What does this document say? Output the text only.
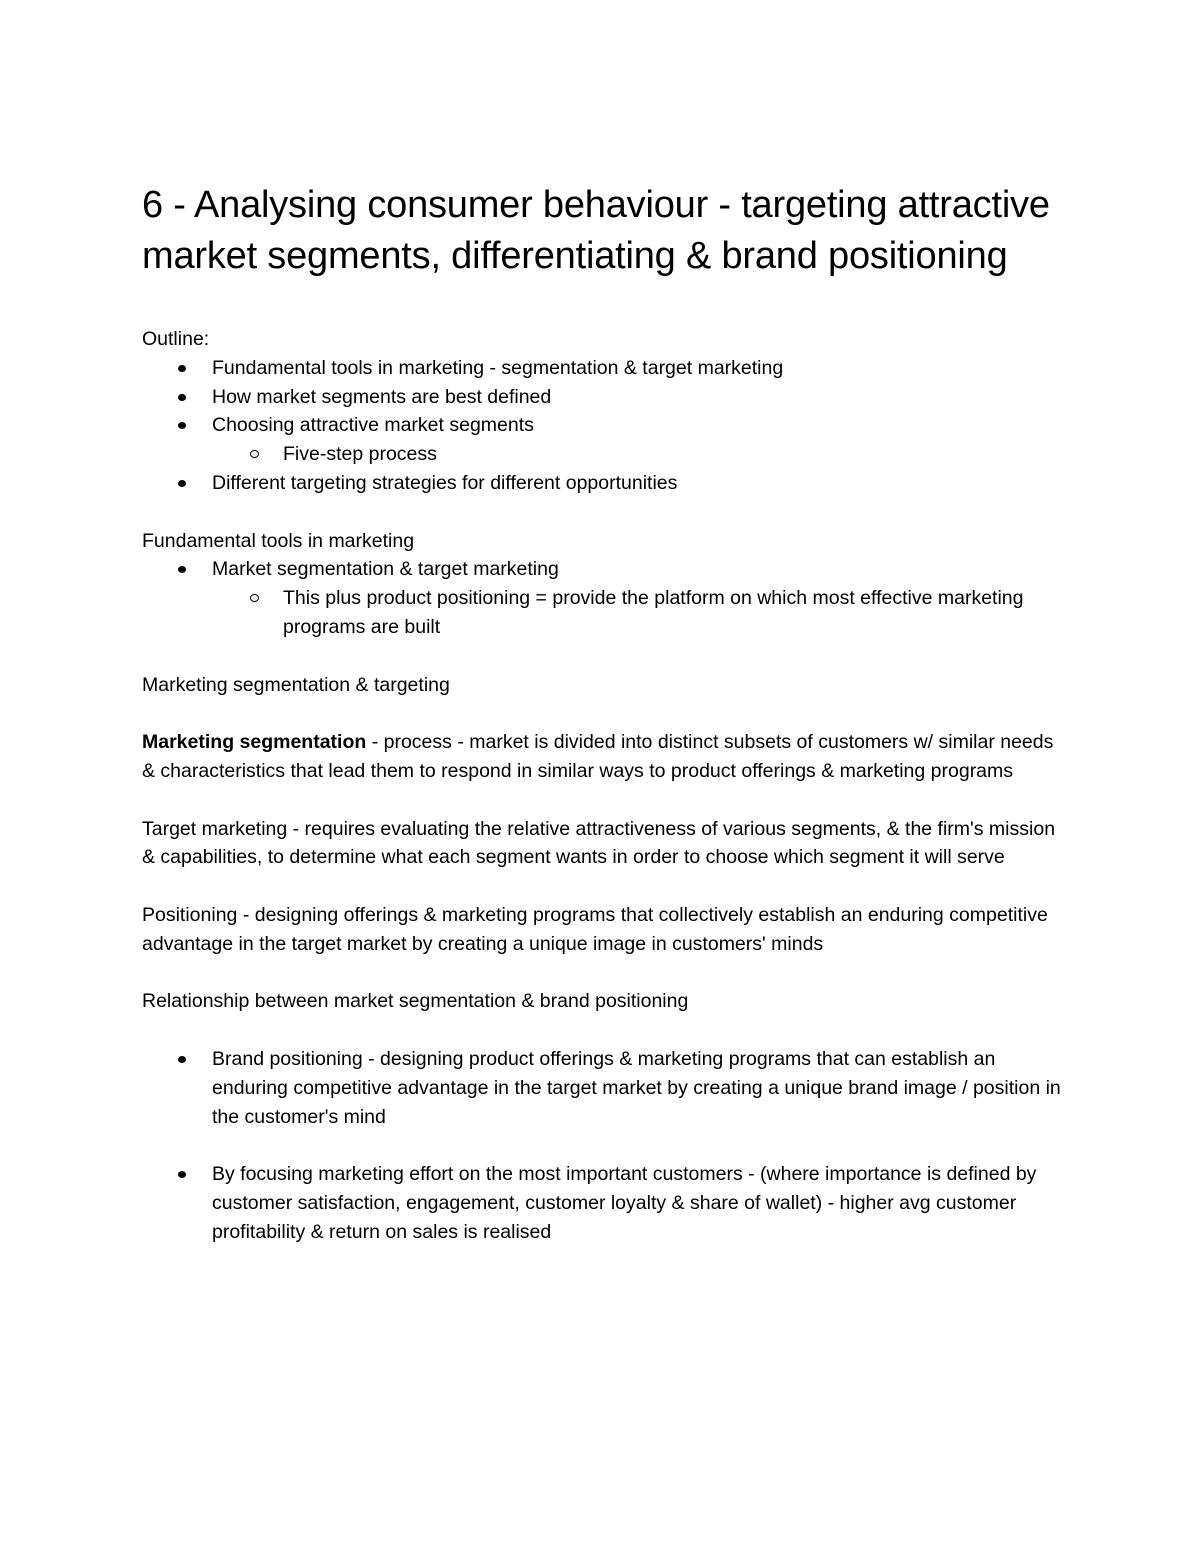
6 - Analysing consumer behaviour - targeting attractive market segments, differentiating & brand positioning
Outline:
Fundamental tools in marketing - segmentation & target marketing
How market segments are best defined
Choosing attractive market segments
Five-step process
Different targeting strategies for different opportunities
Fundamental tools in marketing
Market segmentation & target marketing
This plus product positioning = provide the platform on which most effective marketing programs are built
Marketing segmentation & targeting
Marketing segmentation - process - market is divided into distinct subsets of customers w/ similar needs & characteristics that lead them to respond in similar ways to product offerings & marketing programs
Target marketing - requires evaluating the relative attractiveness of various segments, & the firm's mission & capabilities, to determine what each segment wants in order to choose which segment it will serve
Positioning - designing offerings & marketing programs that collectively establish an enduring competitive advantage in the target market by creating a unique image in customers' minds
Relationship between market segmentation & brand positioning
Brand positioning - designing product offerings & marketing programs that can establish an enduring competitive advantage in the target market by creating a unique brand image / position in the customer's mind
By focusing marketing effort on the most important customers - (where importance is defined by customer satisfaction, engagement, customer loyalty & share of wallet) - higher avg customer profitability & return on sales is realised
